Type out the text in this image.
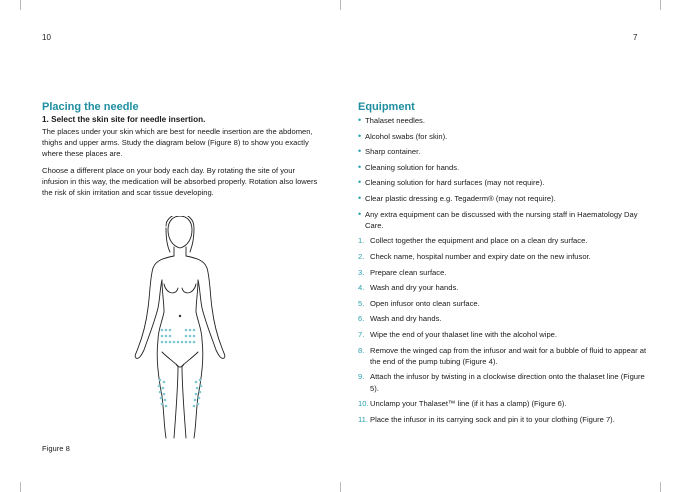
10	7
Placing the needle
1. Select the skin site for needle insertion.

The places under your skin which are best for needle insertion are the abdomen, thighs and upper arms. Study the diagram below (Figure 8) to show you exactly where these places are.

Choose a different place on your body each day. By rotating the site of your infusion in this way, the medication will be absorbed properly. Rotation also lowers the risk of skin irritation and scar tissue developing.

Figure 8
Equipment
• Thalaset needles.
• Alcohol swabs (for skin).
• Sharp container.
• Cleaning solution for hands.
• Cleaning solution for hard surfaces (may not require).
• Clear plastic dressing e.g. Tegaderm® (may not require).
• Any extra equipment can be discussed with the nursing staff in Haematology Day Care.
1. Collect together the equipment and place on a clean dry surface.
2. Check name, hospital number and expiry date on the new infusor.
3. Prepare clean surface.
4. Wash and dry your hands.
5. Open infusor onto clean surface.
6. Wash and dry hands.
7. Wipe the end of your thalaset line with the alcohol wipe.
8. Remove the winged cap from the infusor and wait for a bubble of fluid to appear at the end of the pump tubing (Figure 4).
9. Attach the infusor by twisting in a clockwise direction onto the thalaset line (Figure 5).
10. Unclamp your Thalaset™ line (if it has a clamp) (Figure 6).
11. Place the infusor in its carrying sock and pin it to your clothing (Figure 7).
